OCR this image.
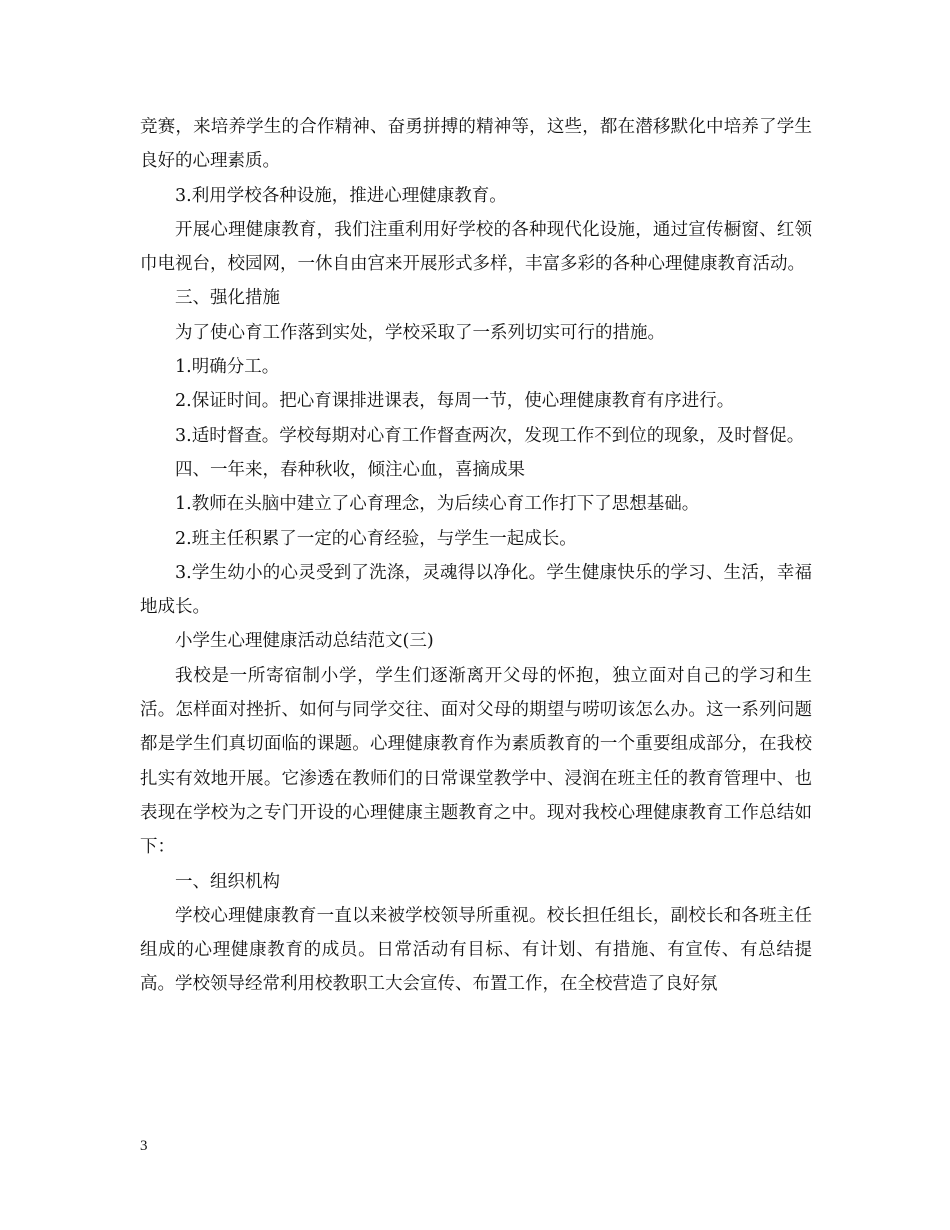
竞赛，来培养学生的合作精神、奋勇拼搏的精神等，这些，都在潜移默化中培养了学生良好的心理素质。

3.利用学校各种设施，推进心理健康教育。

开展心理健康教育，我们注重利用好学校的各种现代化设施，通过宣传橱窗、红领巾电视台，校园网，一休自由宫来开展形式多样，丰富多彩的各种心理健康教育活动。

三、强化措施

为了使心育工作落到实处，学校采取了一系列切实可行的措施。

1.明确分工。

2.保证时间。把心育课排进课表，每周一节，使心理健康教育有序进行。

3.适时督查。学校每期对心育工作督查两次，发现工作不到位的现象，及时督促。

四、一年来，春种秋收，倾注心血，喜摘成果

1.教师在头脑中建立了心育理念，为后续心育工作打下了思想基础。

2.班主任积累了一定的心育经验，与学生一起成长。

3.学生幼小的心灵受到了洗涤，灵魂得以净化。学生健康快乐的学习、生活，幸福地成长。

小学生心理健康活动总结范文(三)

我校是一所寄宿制小学，学生们逐渐离开父母的怀抱，独立面对自己的学习和生活。怎样面对挫折、如何与同学交往、面对父母的期望与唠叨该怎么办。这一系列问题都是学生们真切面临的课题。心理健康教育作为素质教育的一个重要组成部分，在我校扎实有效地开展。它渗透在教师们的日常课堂教学中、浸润在班主任的教育管理中、也表现在学校为之专门开设的心理健康主题教育之中。现对我校心理健康教育工作总结如下：

一、组织机构

学校心理健康教育一直以来被学校领导所重视。校长担任组长，副校长和各班主任组成的心理健康教育的成员。日常活动有目标、有计划、有措施、有宣传、有总结提高。学校领导经常利用校教职工大会宣传、布置工作，在全校营造了良好氛

3
